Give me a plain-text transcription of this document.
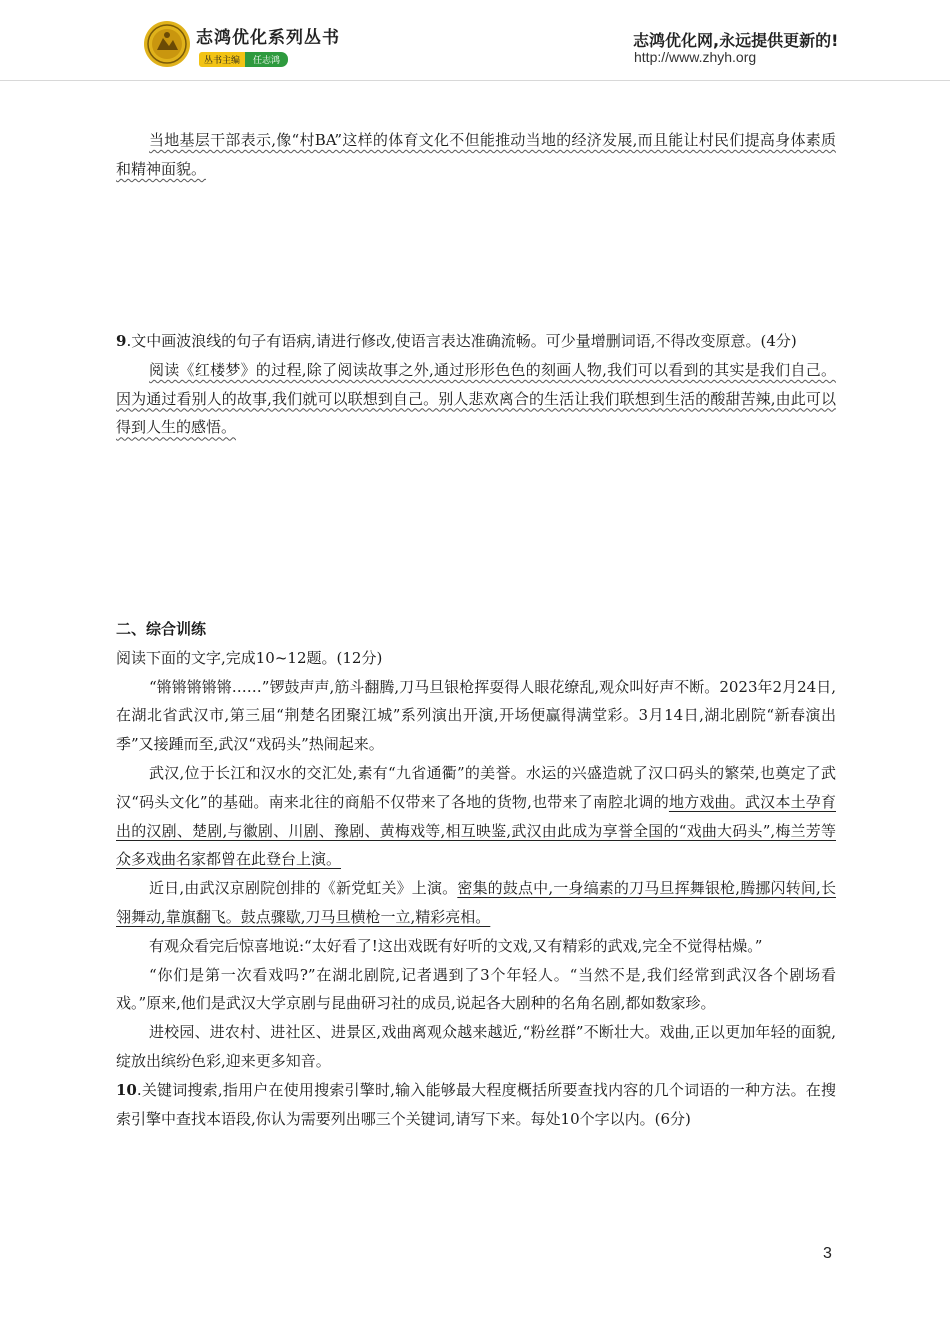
志鸿优化系列丛书
丛书主编 任志鸿
志鸿优化网,永远提供更新的!
http://www.zhyh.org

当地基层干部表示,像“村BA”这样的体育文化不但能推动当地的经济发展,而且能让村民们提高身体素质和精神面貌。

9.文中画波浪线的句子有语病,请进行修改,使语言表达准确流畅。可少量增删词语,不得改变原意。(4分)

阅读《红楼梦》的过程,除了阅读故事之外,通过形形色色的刻画人物,我们可以看到的其实是我们自己。因为通过看别人的故事,我们就可以联想到自己。别人悲欢离合的生活让我们联想到生活的酸甜苦辣,由此可以得到人生的感悟。

二、综合训练

阅读下面的文字,完成10~12题。(12分)

“锵锵锵锵锵……”锣鼓声声,筋斗翻腾,刀马旦银枪挥耍得人眼花缭乱,观众叫好声不断。2023年2月24日,在湖北省武汉市,第三届“荆楚名团聚江城”系列演出开演,开场便赢得满堂彩。3月14日,湖北剧院“新春演出季”又接踵而至,武汉“戏码头”热闹起来。

武汉,位于长江和汉水的交汇处,素有“九省通衢”的美誉。水运的兴盛造就了汉口码头的繁荣,也奠定了武汉“码头文化”的基础。南来北往的商船不仅带来了各地的货物,也带来了南腔北调的地方戏曲。武汉本土孕育出的汉剧、楚剧,与徽剧、川剧、豫剧、黄梅戏等,相互映鉴,武汉由此成为享誉全国的“戏曲大码头”,梅兰芳等众多戏曲名家都曾在此登台上演。

近日,由武汉京剧院创排的《新党虹关》上演。密集的鼓点中,一身缟素的刀马旦挥舞银枪,腾挪闪转间,长翎舞动,靠旗翻飞。鼓点骤歇,刀马旦横枪一立,精彩亮相。

有观众看完后惊喜地说:“太好看了!这出戏既有好听的文戏,又有精彩的武戏,完全不觉得枯燥。”

“你们是第一次看戏吗?”在湖北剧院,记者遇到了3个年轻人。“当然不是,我们经常到武汉各个剧场看戏。”原来,他们是武汉大学京剧与昆曲研习社的成员,说起各大剧种的名角名剧,都如数家珍。

进校园、进农村、进社区、进景区,戏曲离观众越来越近,“粉丝群”不断壮大。戏曲,正以更加年轻的面貌,绽放出缤纷色彩,迎来更多知音。

10.关键词搜索,指用户在使用搜索引擎时,输入能够最大程度概括所要查找内容的几个词语的一种方法。在搜索引擎中查找本语段,你认为需要列出哪三个关键词,请写下来。每处10个字以内。(6分)

3
